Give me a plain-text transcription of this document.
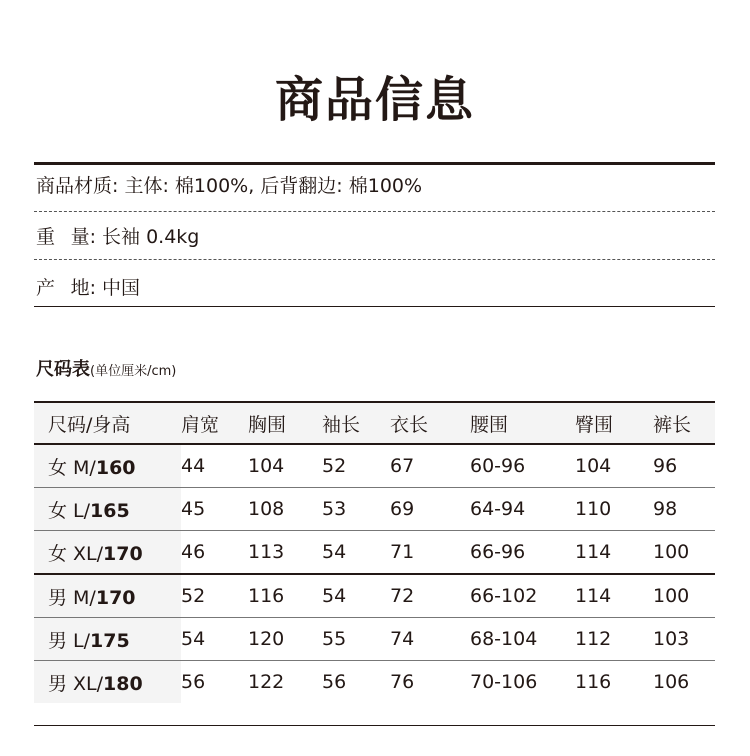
商品信息
商品材质: 主体: 棉100%, 后背翻边: 棉100%
重 量: 长袖 0.4kg
产 地: 中国
尺码表(单位厘米/cm)
尺码/身高	肩宽	胸围	袖长	衣长	腰围	臀围	裤长
女 M/160	44	104	52	67	60-96	104	96
女 L/165	45	108	53	69	64-94	110	98
女 XL/170	46	113	54	71	66-96	114	100
男 M/170	52	116	54	72	66-102	114	100
男 L/175	54	120	55	74	68-104	112	103
男 XL/180	56	122	56	76	70-106	116	106
